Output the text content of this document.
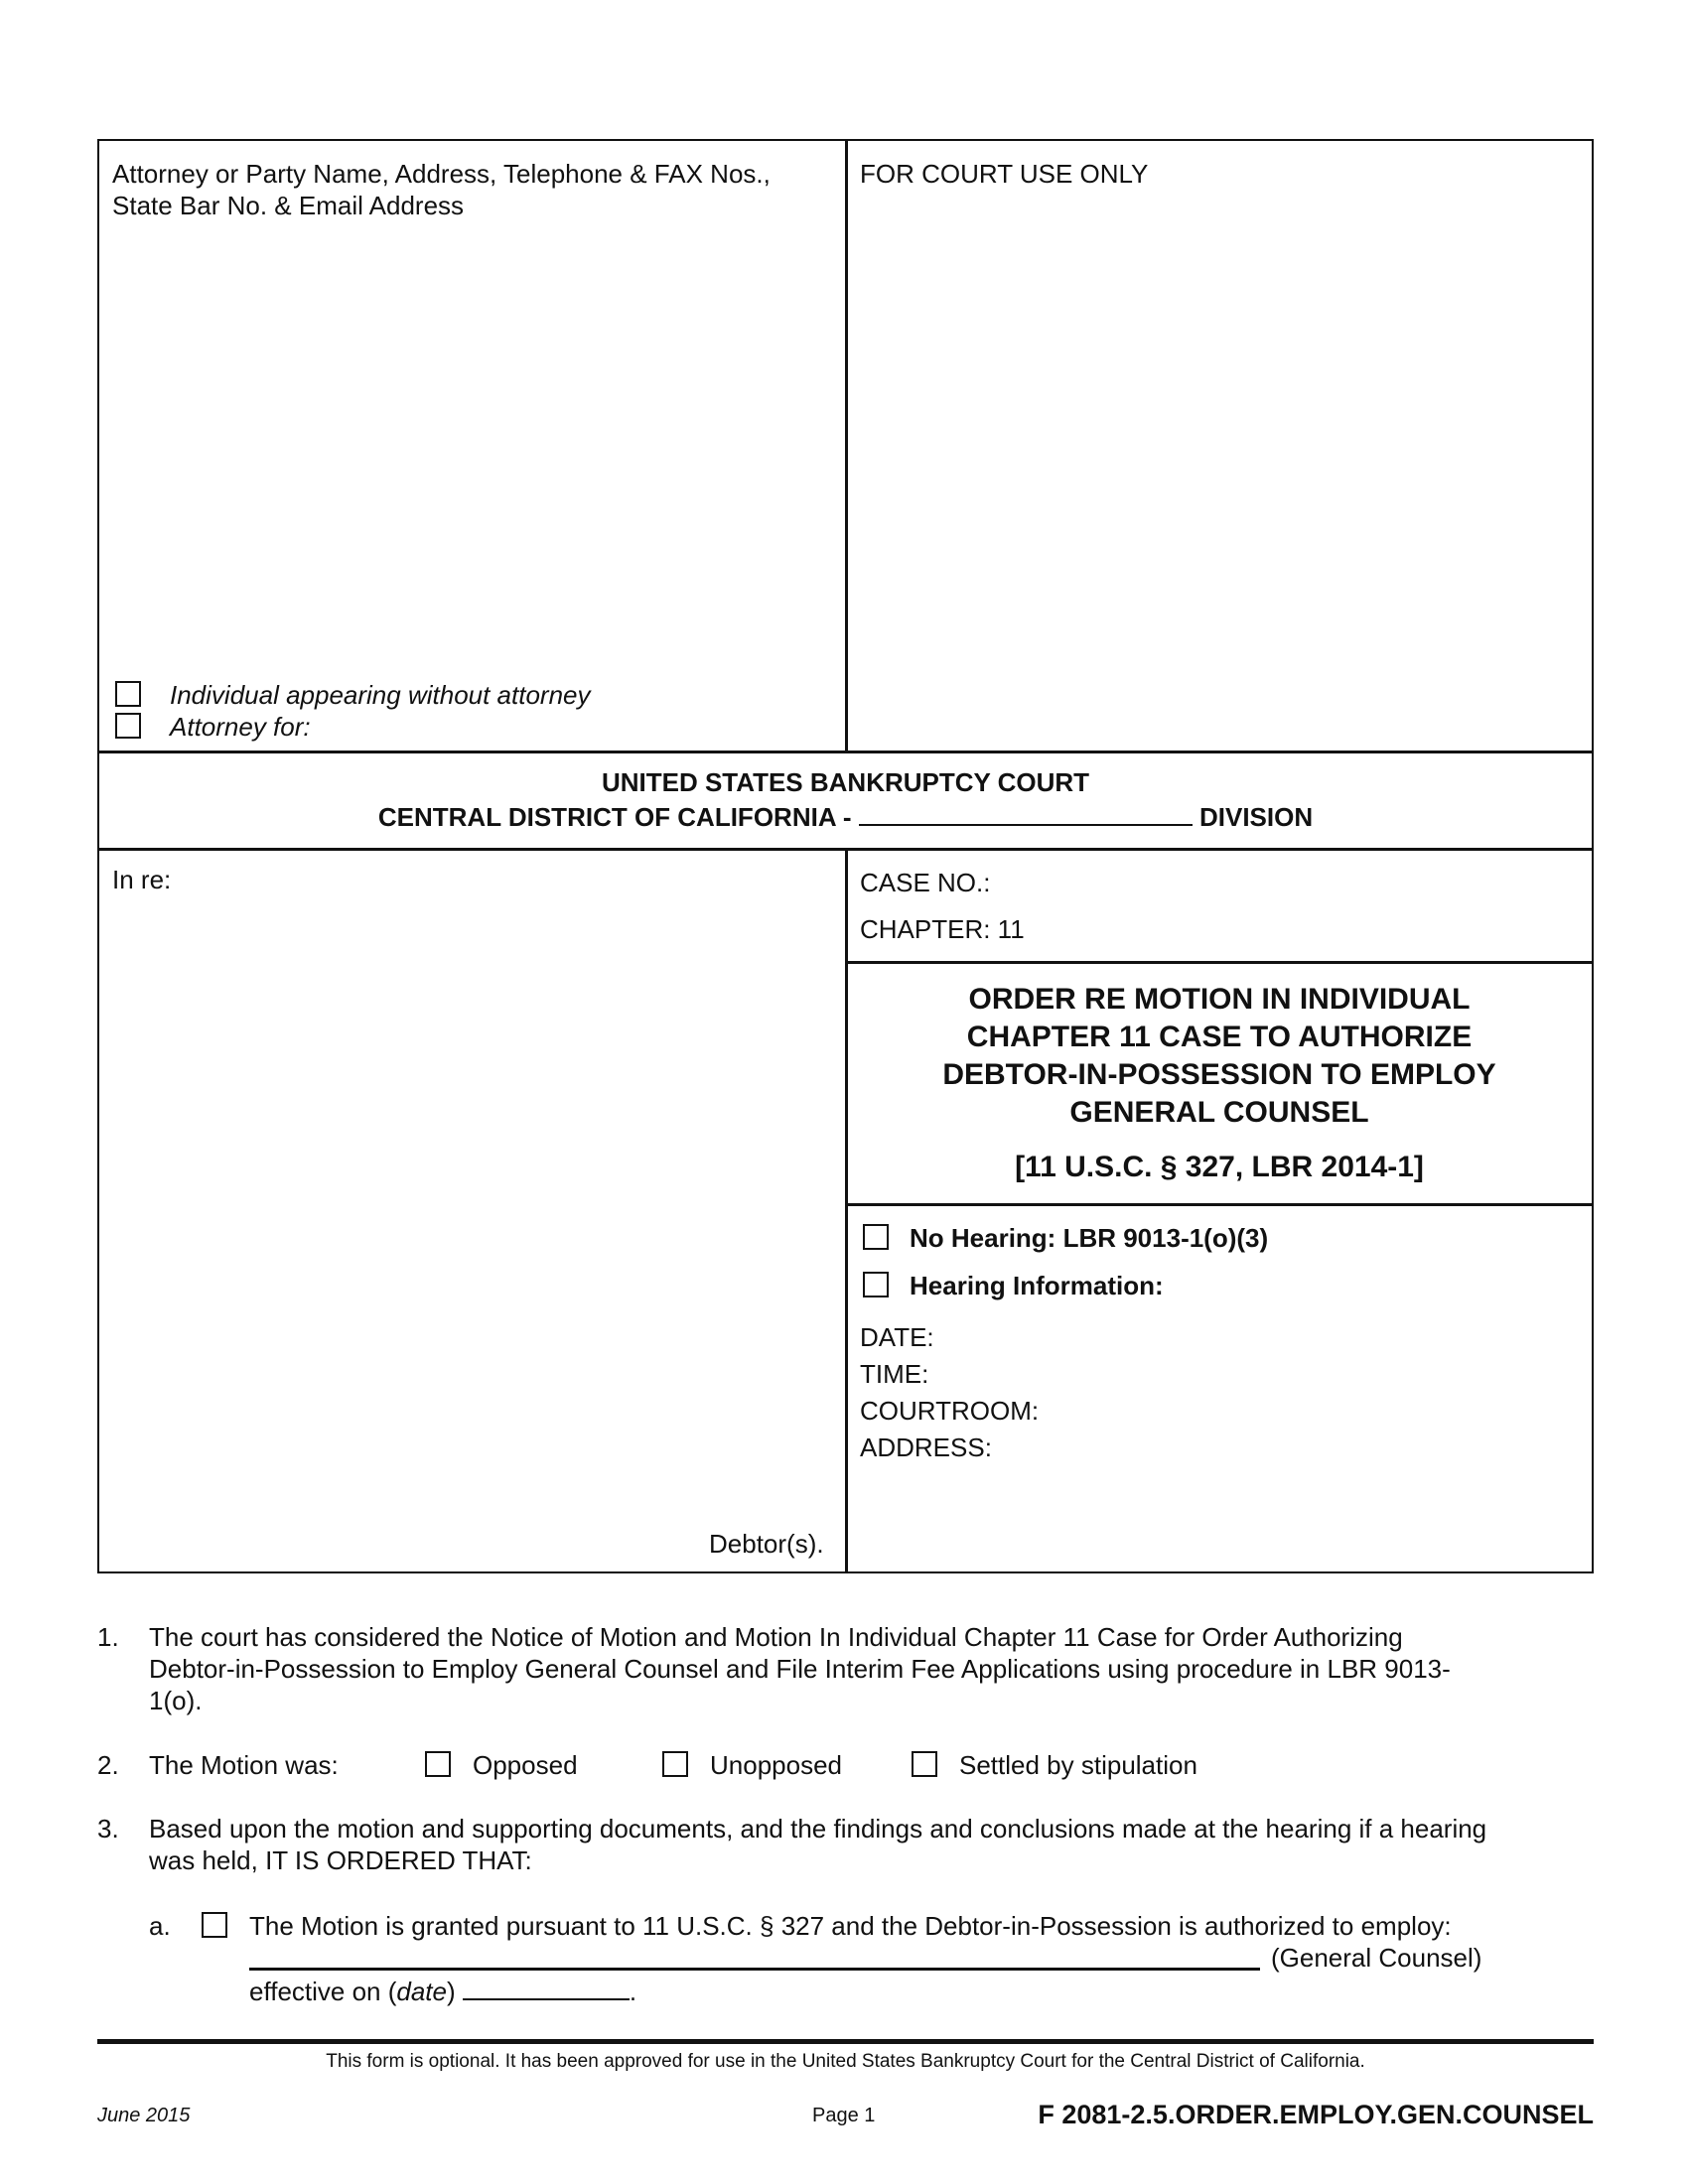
Attorney or Party Name, Address, Telephone & FAX Nos.,
State Bar No. & Email Address
Individual appearing without attorney
Attorney for:
FOR COURT USE ONLY
UNITED STATES BANKRUPTCY COURT
CENTRAL DISTRICT OF CALIFORNIA -	DIVISION
In re:
Debtor(s).
CASE NO.:
CHAPTER: 11
ORDER RE MOTION IN INDIVIDUAL
CHAPTER 11 CASE TO AUTHORIZE
DEBTOR-IN-POSSESSION TO EMPLOY
GENERAL COUNSEL
[11 U.S.C. § 327, LBR 2014-1]
No Hearing: LBR 9013-1(o)(3)
Hearing Information:
DATE:
TIME:
COURTROOM:
ADDRESS:
1. The court has considered the Notice of Motion and Motion In Individual Chapter 11 Case for Order Authorizing
Debtor-in-Possession to Employ General Counsel and File Interim Fee Applications using procedure in LBR 9013-
1(o).
2. The Motion was:	Opposed	Unopposed	Settled by stipulation
3. Based upon the motion and supporting documents, and the findings and conclusions made at the hearing if a hearing
was held, IT IS ORDERED THAT:
a.	The Motion is granted pursuant to 11 U.S.C. § 327 and the Debtor-in-Possession is authorized to employ:
(General Counsel)
effective on (date)	.
This form is optional. It has been approved for use in the United States Bankruptcy Court for the Central District of California.
June 2015	Page 1	F 2081-2.5.ORDER.EMPLOY.GEN.COUNSEL
